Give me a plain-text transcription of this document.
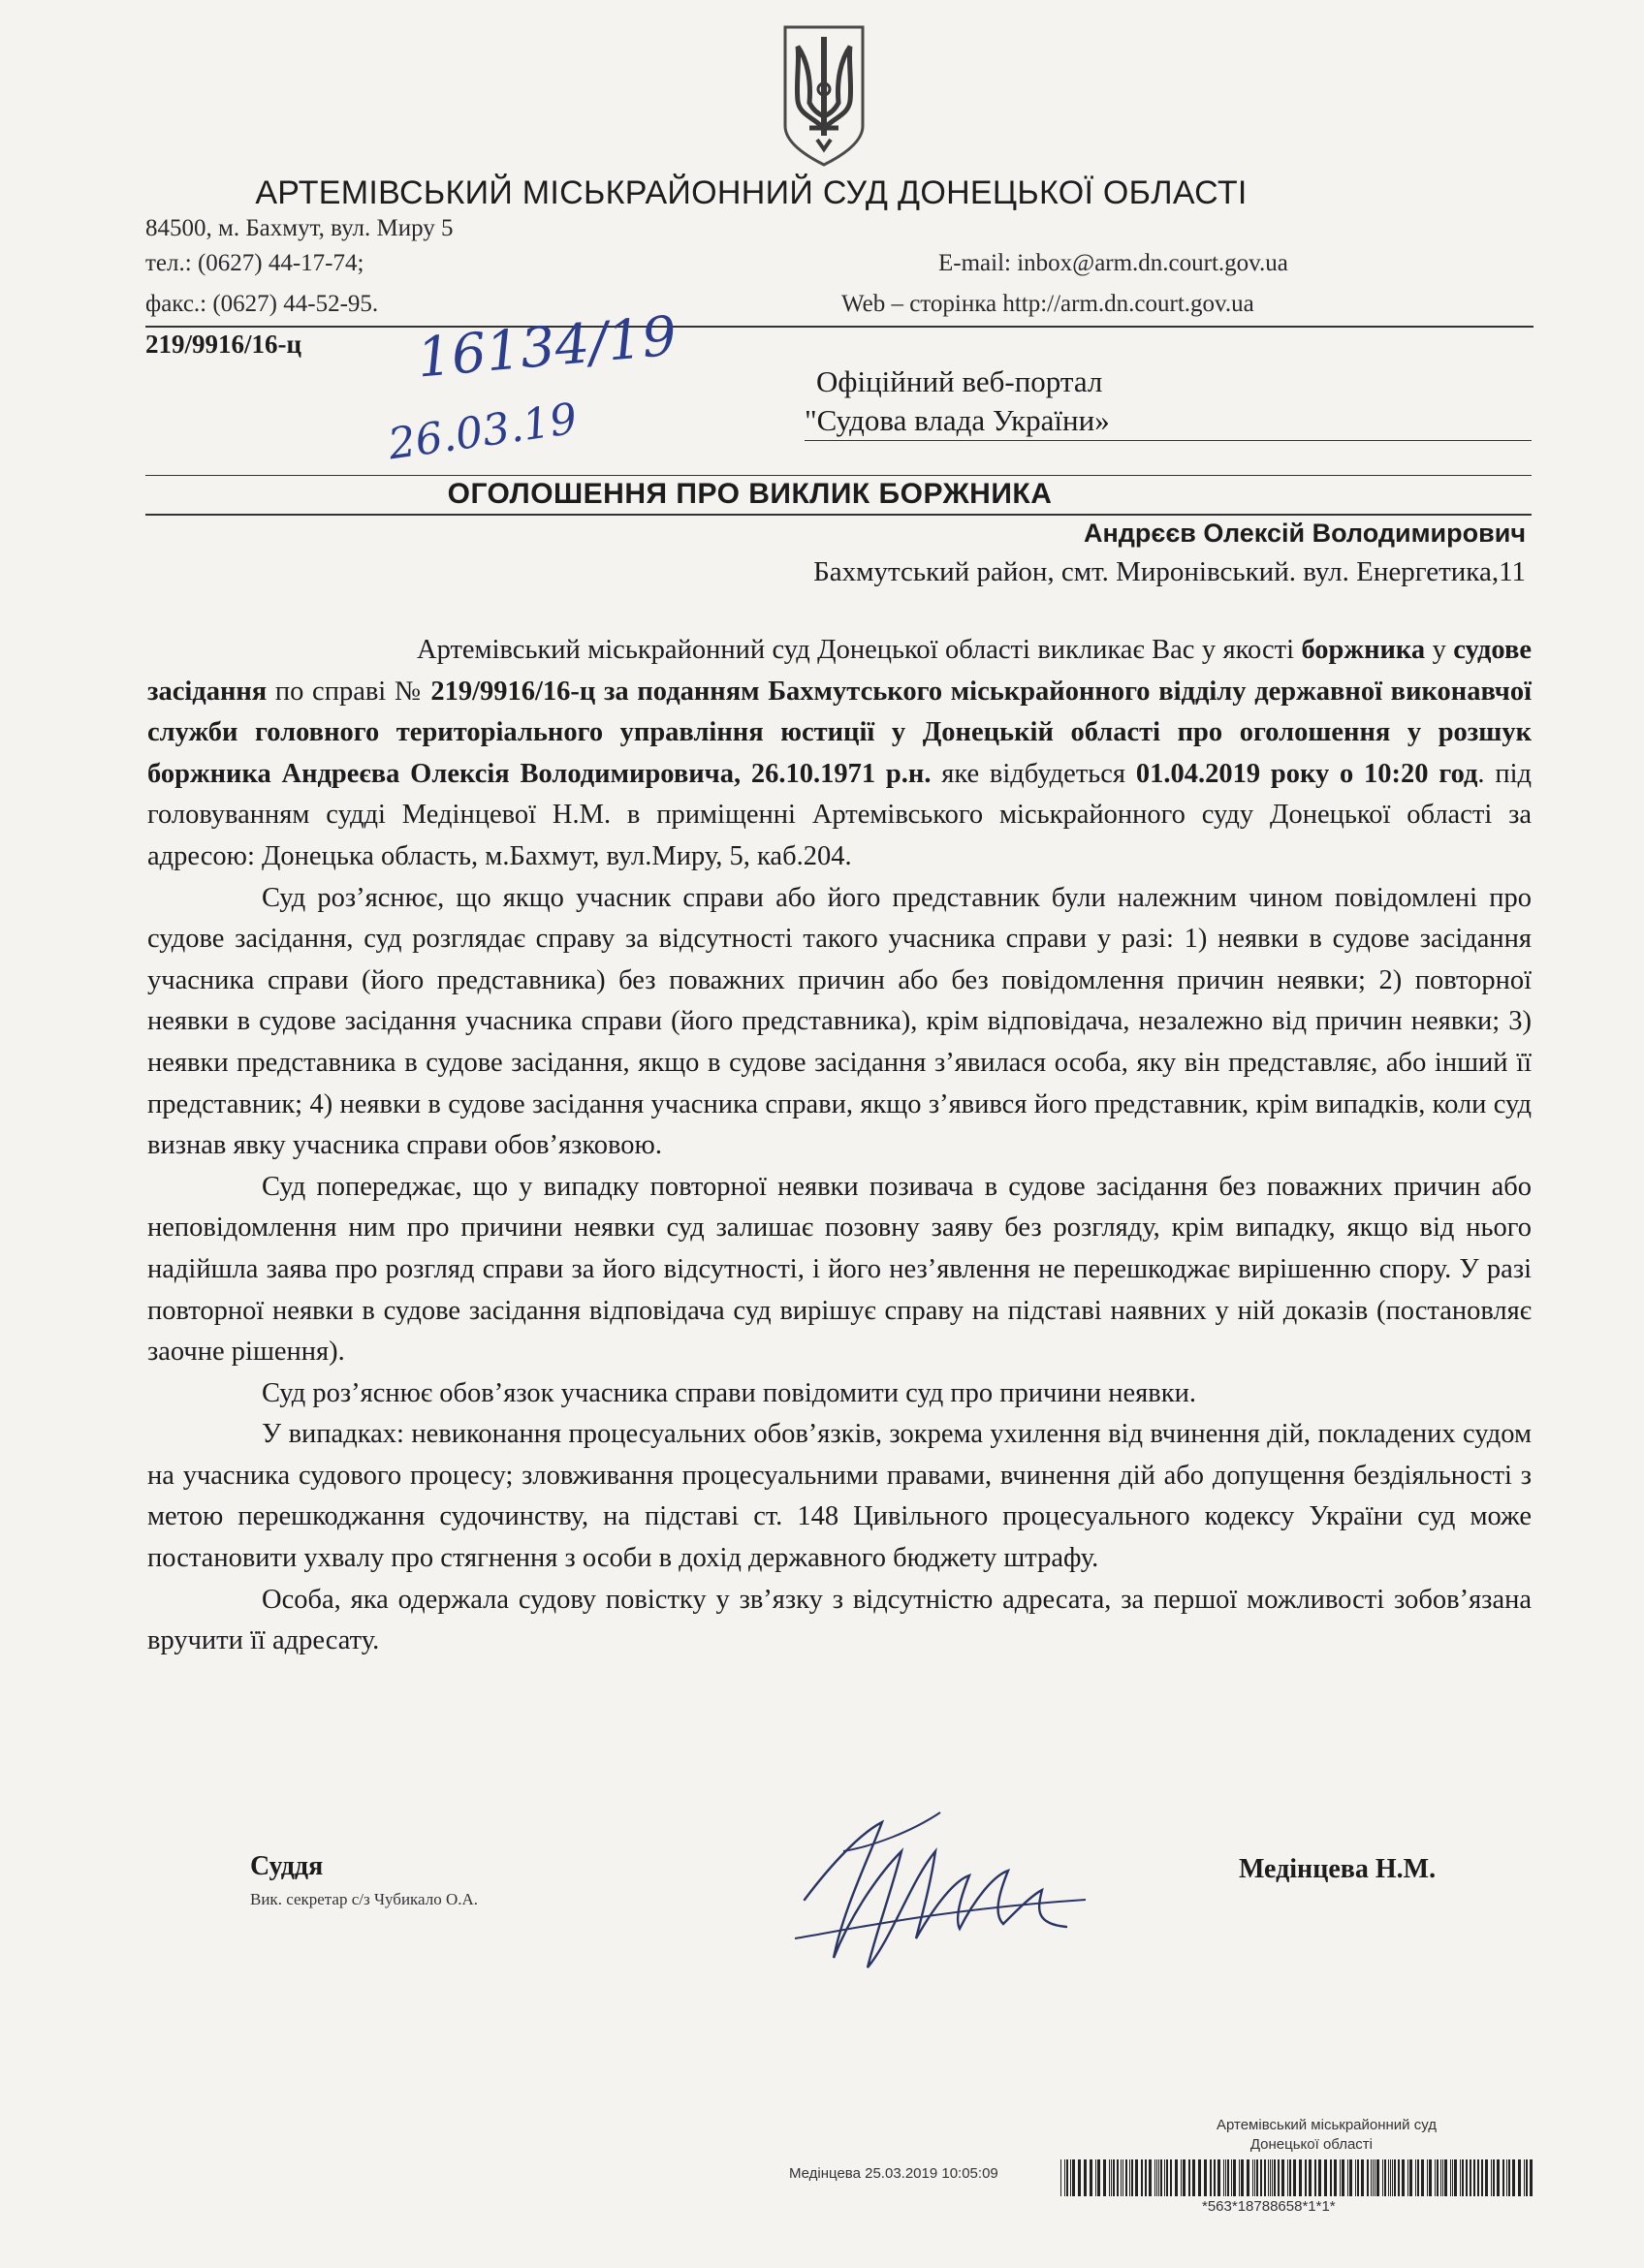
АРТЕМІВСЬКИЙ МІСЬКРАЙОННИЙ СУД ДОНЕЦЬКОЇ ОБЛАСТІ
84500, м. Бахмут, вул. Миру 5
тел.: (0627) 44-17-74;	E-mail: inbox@arm.dn.court.gov.ua
факс.: (0627) 44-52-95.	Web – сторінка http://arm.dn.court.gov.ua
219/9916/16-ц 16134/19
26.03.19
Офіційний веб-портал
"Судова влада України»
ОГОЛОШЕННЯ ПРО ВИКЛИК БОРЖНИКА
Андрєєв Олексій Володимирович
Бахмутський район, смт. Миронівський. вул. Енергетика,11

Артемівський міськрайонний суд Донецької області викликає Вас у якості боржника у судове засідання по справі № 219/9916/16-ц за поданням Бахмутського міськрайонного відділу державної виконавчої служби головного територіального управління юстиції у Донецькій області про оголошення у розшук боржника Андреєва Олексія Володимировича, 26.10.1971 р.н. яке відбудеться 01.04.2019 року о 10:20 год. під головуванням судді Медінцевої Н.М. в приміщенні Артемівського міськрайонного суду Донецької області за адресою: Донецька область, м.Бахмут, вул.Миру, 5, каб.204.

Суд роз’яснює, що якщо учасник справи або його представник були належним чином повідомлені про судове засідання, суд розглядає справу за відсутності такого учасника справи у разі: 1) неявки в судове засідання учасника справи (його представника) без поважних причин або без повідомлення причин неявки; 2) повторної неявки в судове засідання учасника справи (його представника), крім відповідача, незалежно від причин неявки; 3) неявки представника в судове засідання, якщо в судове засідання з’явилася особа, яку він представляє, або інший її представник; 4) неявки в судове засідання учасника справи, якщо з’явився його представник, крім випадків, коли суд визнав явку учасника справи обов’язковою.

Суд попереджає, що у випадку повторної неявки позивача в судове засідання без поважних причин або неповідомлення ним про причини неявки суд залишає позовну заяву без розгляду, крім випадку, якщо від нього надійшла заява про розгляд справи за його відсутності, і його нез’явлення не перешкоджає вирішенню спору. У разі повторної неявки в судове засідання відповідача суд вирішує справу на підставі наявних у ній доказів (постановляє заочне рішення).

Суд роз’яснює обов’язок учасника справи повідомити суд про причини неявки.

У випадках: невиконання процесуальних обов’язків, зокрема ухилення від вчинення дій, покладених судом на учасника судового процесу; зловживання процесуальними правами, вчинення дій або допущення бездіяльності з метою перешкоджання судочинству, на підставі ст. 148 Цивільного процесуального кодексу України суд може постановити ухвалу про стягнення з особи в дохід державного бюджету штрафу.

Особа, яка одержала судову повістку у зв’язку з відсутністю адресата, за першої можливості зобов’язана вручити її адресату.

Суддя
Вик. секретар с/з Чубикало О.А.
Медінцева Н.М.
Артемівський міськрайонний суд
Донецької області
Медінцева 25.03.2019 10:05:09
*563*18788658*1*1*
